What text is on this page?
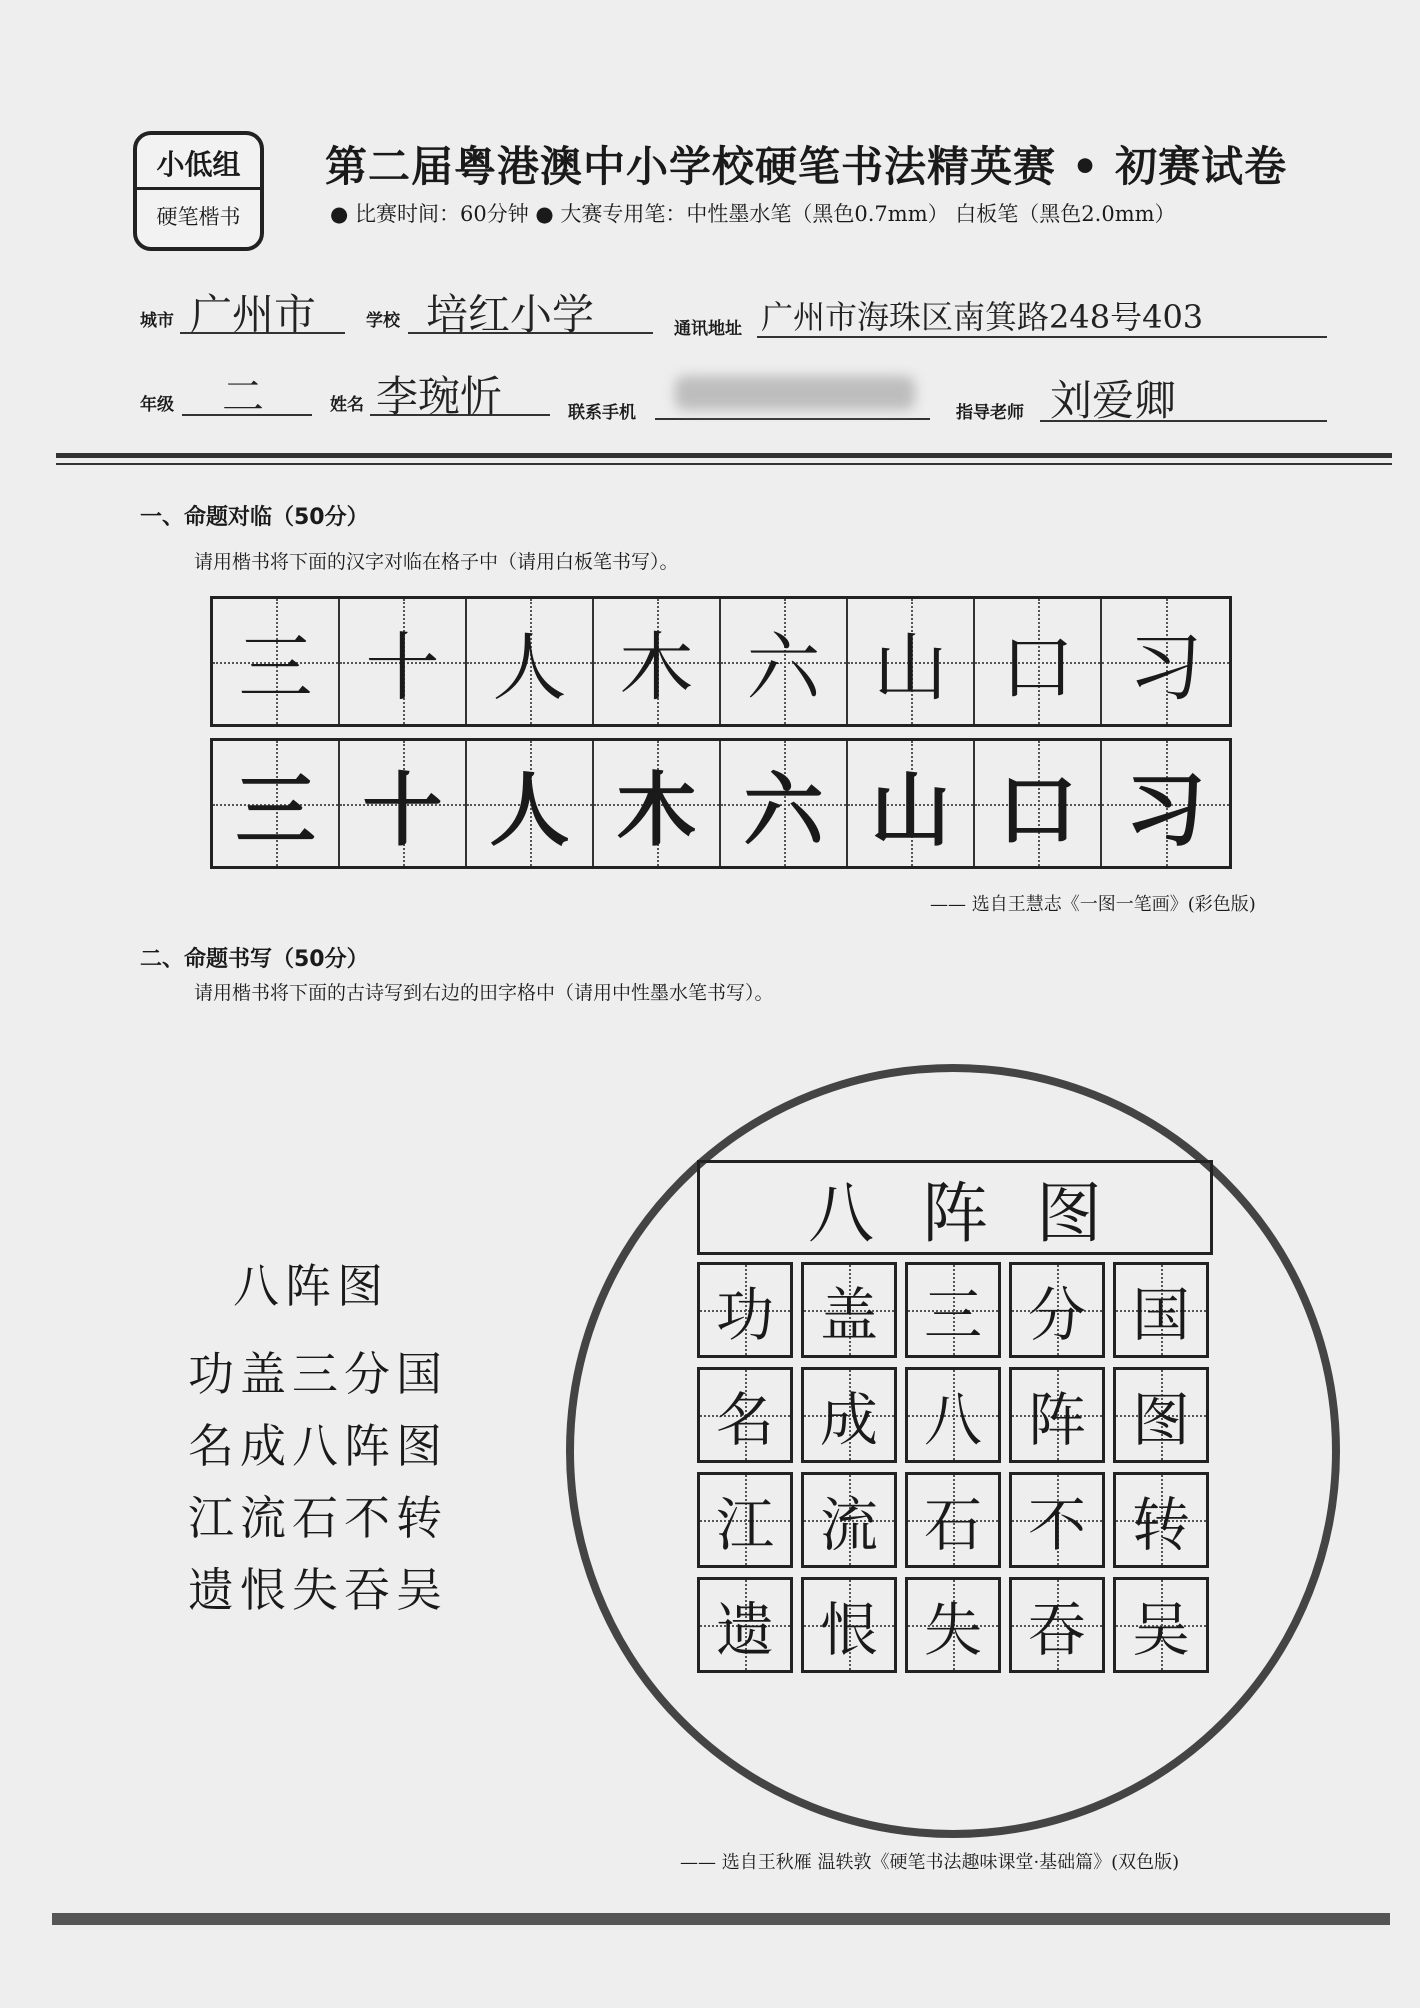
小低组
硬笔楷书
第二届粤港澳中小学校硬笔书法精英赛 • 初赛试卷
● 比赛时间：60分钟 ● 大赛专用笔：中性墨水笔（黑色0.7mm） 白板笔（黑色2.0mm）
城市 广州市	学校 培红小学	通讯地址 广州市海珠区南箕路248号403
年级 二	姓名 李琬忻	联系手机	指导老师 刘爱卿
一、命题对临（50分）
请用楷书将下面的汉字对临在格子中（请用白板笔书写）。
三 十 人 木 六 山 口 习
三 十 人 木 六 山 口 习
—— 选自王慧志《一图一笔画》(彩色版)
二、命题书写（50分）
请用楷书将下面的古诗写到右边的田字格中（请用中性墨水笔书写）。
八阵图
功盖三分国
名成八阵图
江流石不转
遗恨失吞吴
八 阵 图
功 盖 三 分 国
名 成 八 阵 图
江 流 石 不 转
遗 恨 失 吞 吴
—— 选自王秋雁 温轶敦《硬笔书法趣味课堂·基础篇》(双色版)
